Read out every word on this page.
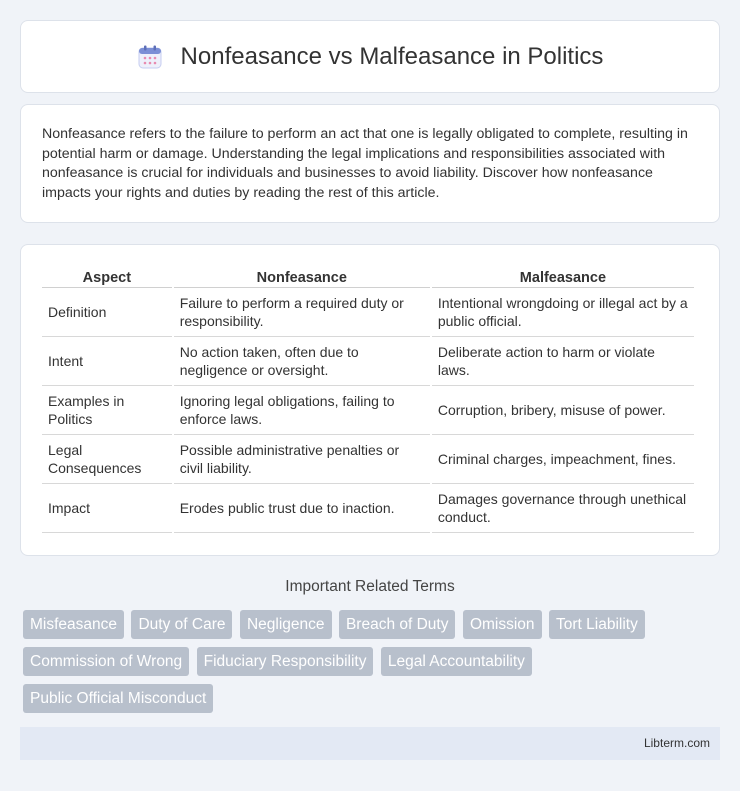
Nonfeasance vs Malfeasance in Politics

Nonfeasance refers to the failure to perform an act that one is legally obligated to complete, resulting in potential harm or damage. Understanding the legal implications and responsibilities associated with nonfeasance is crucial for individuals and businesses to avoid liability. Discover how nonfeasance impacts your rights and duties by reading the rest of this article.

Aspect	Nonfeasance	Malfeasance
Definition	Failure to perform a required duty or responsibility.	Intentional wrongdoing or illegal act by a public official.
Intent	No action taken, often due to negligence or oversight.	Deliberate action to harm or violate laws.
Examples in Politics	Ignoring legal obligations, failing to enforce laws.	Corruption, bribery, misuse of power.
Legal Consequences	Possible administrative penalties or civil liability.	Criminal charges, impeachment, fines.
Impact	Erodes public trust due to inaction.	Damages governance through unethical conduct.
Important Related Terms
Misfeasance Duty of Care Negligence Breach of Duty Omission Tort Liability Commission of Wrong Fiduciary Responsibility Legal Accountability Public Official Misconduct
Libterm.com
